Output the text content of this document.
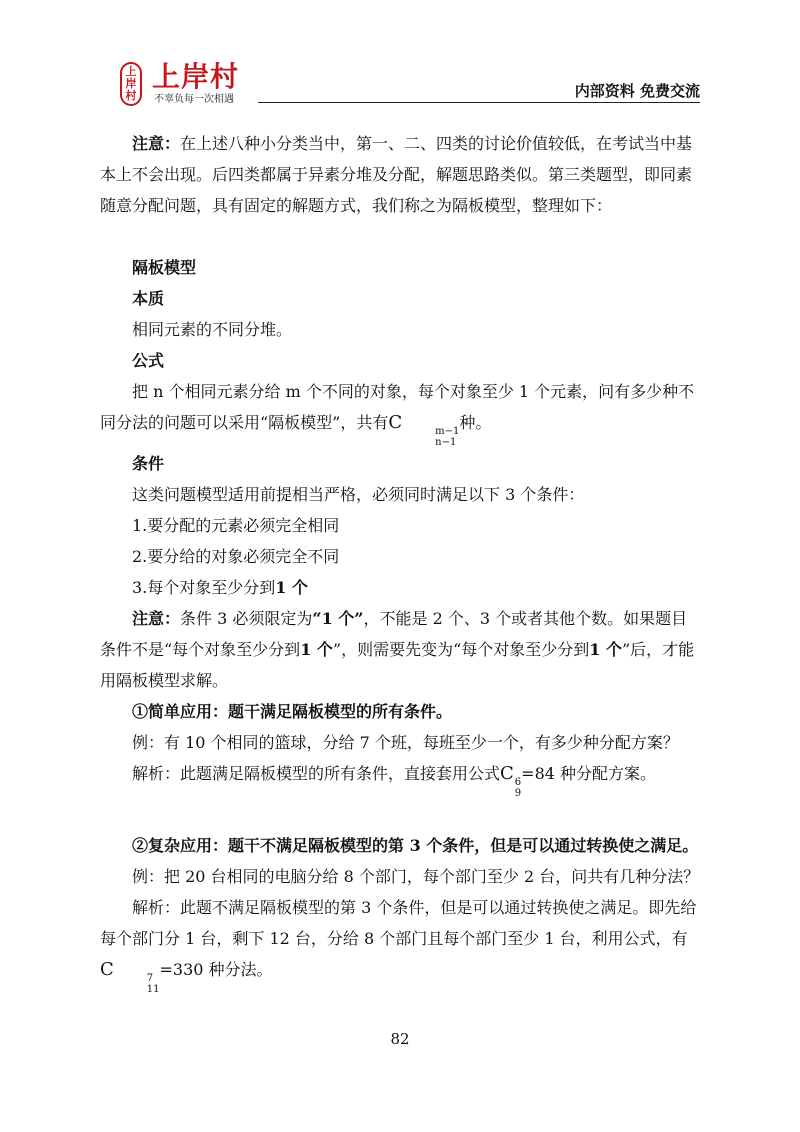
上
岸
村
上岸村
不辜负每一次相遇	内部资料 免费交流

注意：在上述八种小分类当中，第一、二、四类的讨论价值较低，在考试当中基本上不会出现。后四类都属于异素分堆及分配，解题思路类似。第三类题型，即同素随意分配问题，具有固定的解题方式，我们称之为隔板模型，整理如下：

隔板模型

本质

相同元素的不同分堆。

公式

把 n 个相同元素分给 m 个不同的对象，每个对象至少 1 个元素，问有多少种不同分法的问题可以采用“隔板模型”，共有C	m−1
n−1
种。

条件

这类问题模型适用前提相当严格，必须同时满足以下 3 个条件：

1.要分配的元素必须完全相同

2.要分给的对象必须完全不同

3.每个对象至少分到1 个

注意：条件 3 必须限定为“1 个”，不能是 2 个、3 个或者其他个数。如果题目条件不是“每个对象至少分到1 个”，则需要先变为“每个对象至少分到1 个”后，才能用隔板模型求解。

①简单应用：题干满足隔板模型的所有条件。

例：有 10 个相同的篮球，分给 7 个班，每班至少一个，有多少种分配方案？

解析：此题满足隔板模型的所有条件，直接套用公式C 6
9
=84 种分配方案。

②复杂应用：题干不满足隔板模型的第 3 个条件，但是可以通过转换使之满足。

例：把 20 台相同的电脑分给 8 个部门，每个部门至少 2 台，问共有几种分法？

解析：此题不满足隔板模型的第 3 个条件，但是可以通过转换使之满足。即先给每个部门分 1 台，剩下 12 台，分给 8 个部门且每个部门至少 1 台，利用公式，有C	7
11
=330 种分法。

82
